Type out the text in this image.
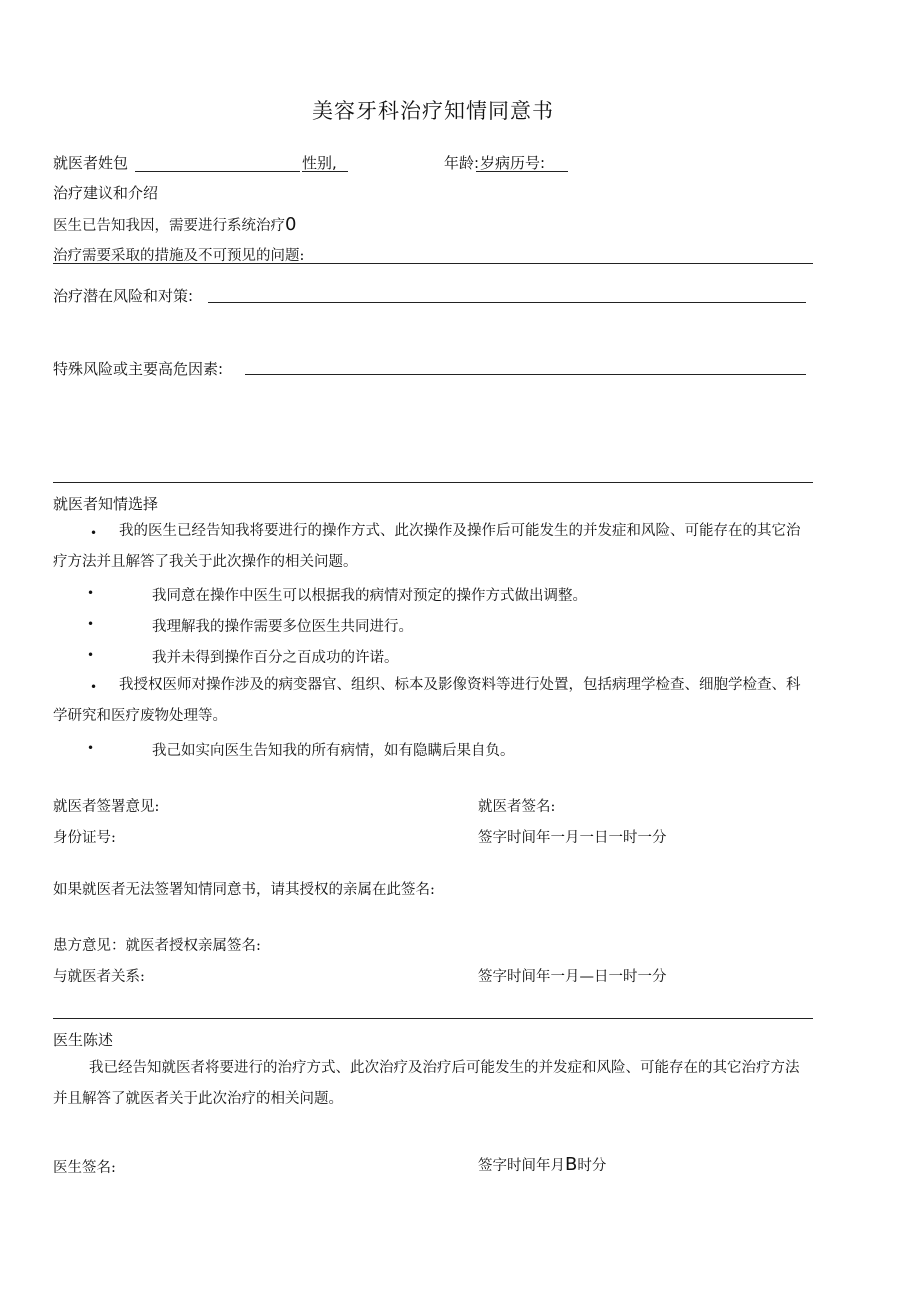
美容牙科治疗知情同意书
就医者姓包	性别,	年龄: 岁病历号:
治疗建议和介绍
医生已告知我因，需要进行系统治疗0
治疗需要采取的措施及不可预见的问题:
治疗潜在风险和对策:
特殊风险或主要高危因素:
就医者知情选择
•	我的医生已经告知我将要进行的操作方式、此次操作及操作后可能发生的并发症和风险、可能存在的其它治疗方法并且解答了我关于此次操作的相关问题。
•	我同意在操作中医生可以根据我的病情对预定的操作方式做出调整。
•	我理解我的操作需要多位医生共同进行。
•	我并未得到操作百分之百成功的许诺。
•	我授权医师对操作涉及的病变器官、组织、标本及影像资料等进行处置，包括病理学检查、细胞学检查、科学研究和医疗废物处理等。
•	我己如实向医生告知我的所有病情，如有隐瞒后果自负。
就医者签署意见:	就医者签名:
身份证号:	签字时间年一月一日一时一分
如果就医者无法签署知情同意书，请其授权的亲属在此签名:
患方意见：就医者授权亲属签名:
与就医者关系:	签字时间年一月—日一时一分
医生陈述
我已经告知就医者将要进行的治疗方式、此次治疗及治疗后可能发生的并发症和风险、可能存在的其它治疗方法并且解答了就医者关于此次治疗的相关问题。
医生签名:	签字时间年月B时分
